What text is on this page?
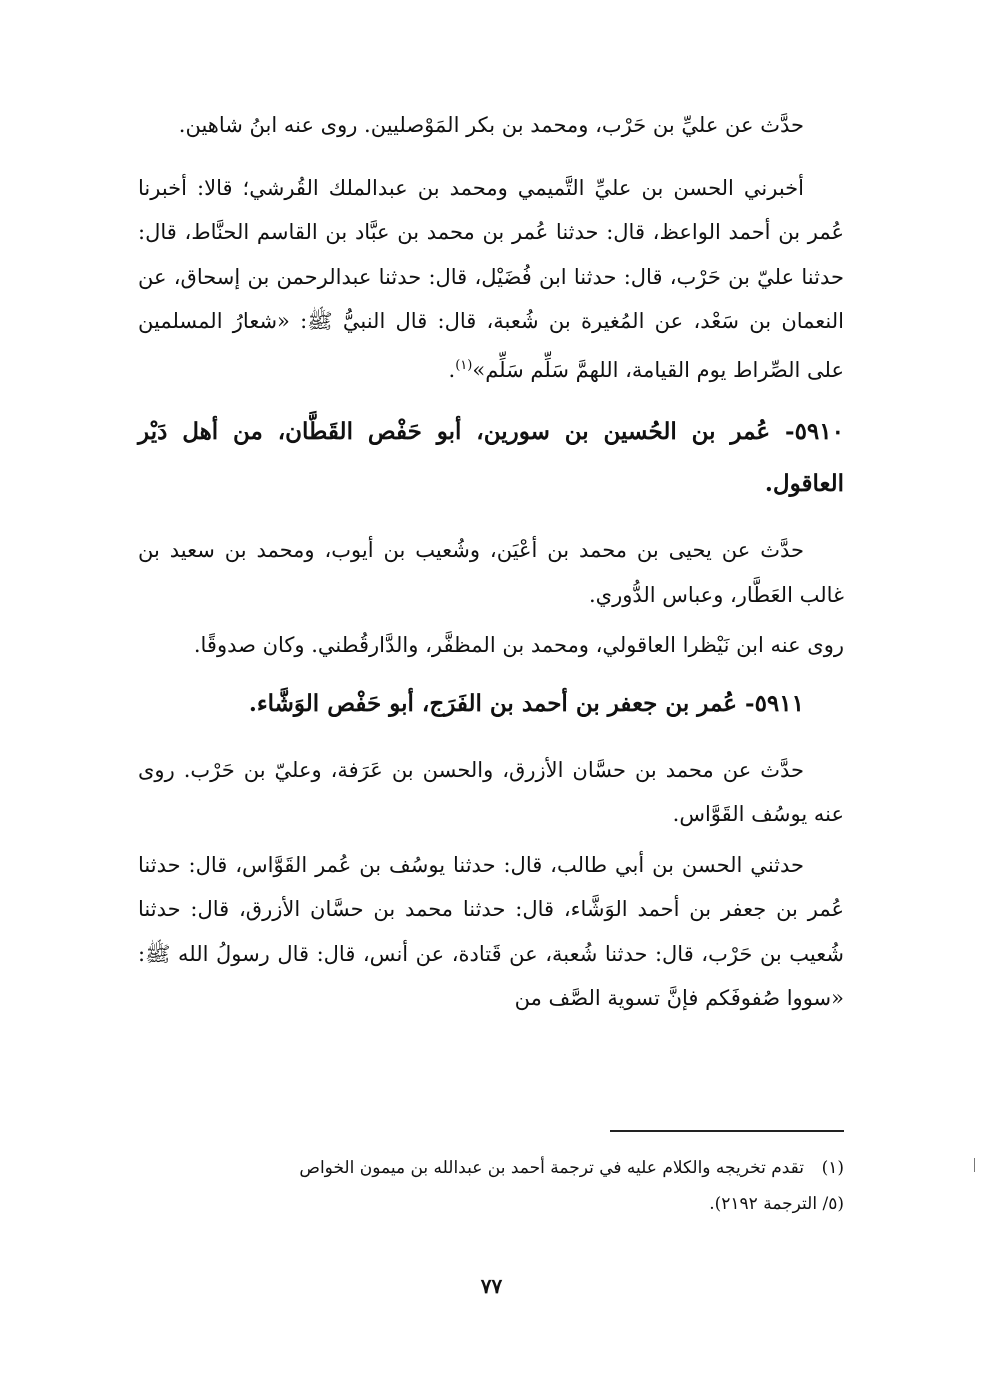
حدَّث عن عليِّ بن حَرْب، ومحمد بن بكر المَوْصليين. روى عنه ابنُ شاهين.

أخبرني الحسن بن عليِّ التَّميمي ومحمد بن عبدالملك القُرشي؛ قالا: أخبرنا عُمر بن أحمد الواعظ، قال: حدثنا عُمر بن محمد بن عبَّاد بن القاسم الحنَّاط، قال: حدثنا عليّ بن حَرْب، قال: حدثنا ابن فُضَيْل، قال: حدثنا عبدالرحمن بن إسحاق، عن النعمان بن سَعْد، عن المُغيرة بن شُعبة، قال: قال النبيُّ ﷺ: «شعارُ المسلمين على الصِّراط يوم القيامة، اللهمَّ سَلِّم سَلِّم»$^{(١)}$.

٥٩١٠- عُمر بن الحُسين بن سورين، أبو حَفْص القَطَّان، من أهل دَيْر العاقول.

حدَّث عن يحيى بن محمد بن أعْيَن، وشُعيب بن أيوب، ومحمد بن سعيد بن غالب العَطَّار، وعباس الدُّوري.

روى عنه ابن نَيْظرا العاقولي، ومحمد بن المظفَّر، والدَّارقُطني. وكان صدوقًا.

٥٩١١- عُمر بن جعفر بن أحمد بن الفَرَج، أبو حَفْص الوَشَّاء.

حدَّث عن محمد بن حسَّان الأزرق، والحسن بن عَرَفة، وعليّ بن حَرْب. روى عنه يوسُف القَوَّاس.

حدثني الحسن بن أبي طالب، قال: حدثنا يوسُف بن عُمر القَوَّاس، قال: حدثنا عُمر بن جعفر بن أحمد الوَشَّاء، قال: حدثنا محمد بن حسَّان الأزرق، قال: حدثنا شُعيب بن حَرْب، قال: حدثنا شُعبة، عن قَتادة، عن أنس، قال: قال رسولُ الله ﷺ: «سووا صُفوفَكم فإنَّ تسوية الصَّف من

(١)تقدم تخريجه والكلام عليه في ترجمة أحمد بن عبدالله بن ميمون الخواص

(٥/ الترجمة ٢١٩٢).

٧٧
